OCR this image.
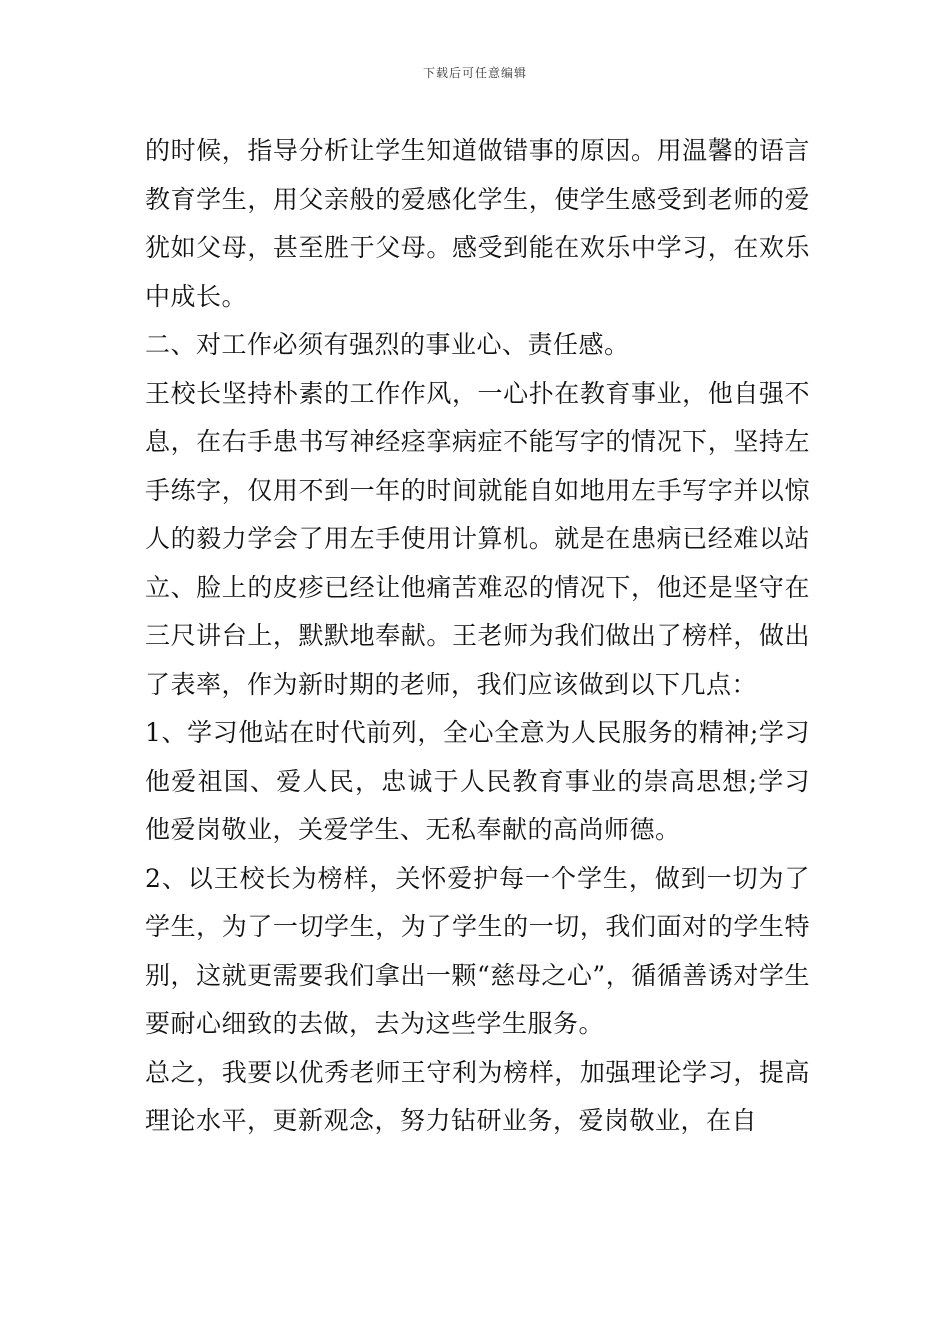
下载后可任意编辑

的时候，指导分析让学生知道做错事的原因。用温馨的语言教育学生，用父亲般的爱感化学生，使学生感受到老师的爱犹如父母，甚至胜于父母。感受到能在欢乐中学习，在欢乐中成长。

二、对工作必须有强烈的事业心、责任感。

王校长坚持朴素的工作作风，一心扑在教育事业，他自强不息，在右手患书写神经痉挛病症不能写字的情况下，坚持左手练字，仅用不到一年的时间就能自如地用左手写字并以惊人的毅力学会了用左手使用计算机。就是在患病已经难以站立、脸上的皮疹已经让他痛苦难忍的情况下，他还是坚守在三尺讲台上，默默地奉献。王老师为我们做出了榜样，做出了表率，作为新时期的老师，我们应该做到以下几点：

1、学习他站在时代前列，全心全意为人民服务的精神;学习他爱祖国、爱人民，忠诚于人民教育事业的崇高思想;学习他爱岗敬业，关爱学生、无私奉献的高尚师德。

2、以王校长为榜样，关怀爱护每一个学生，做到一切为了学生，为了一切学生，为了学生的一切，我们面对的学生特别，这就更需要我们拿出一颗“慈母之心”，循循善诱对学生要耐心细致的去做，去为这些学生服务。

总之，我要以优秀老师王守利为榜样，加强理论学习，提高理论水平，更新观念，努力钻研业务，爱岗敬业，在自
